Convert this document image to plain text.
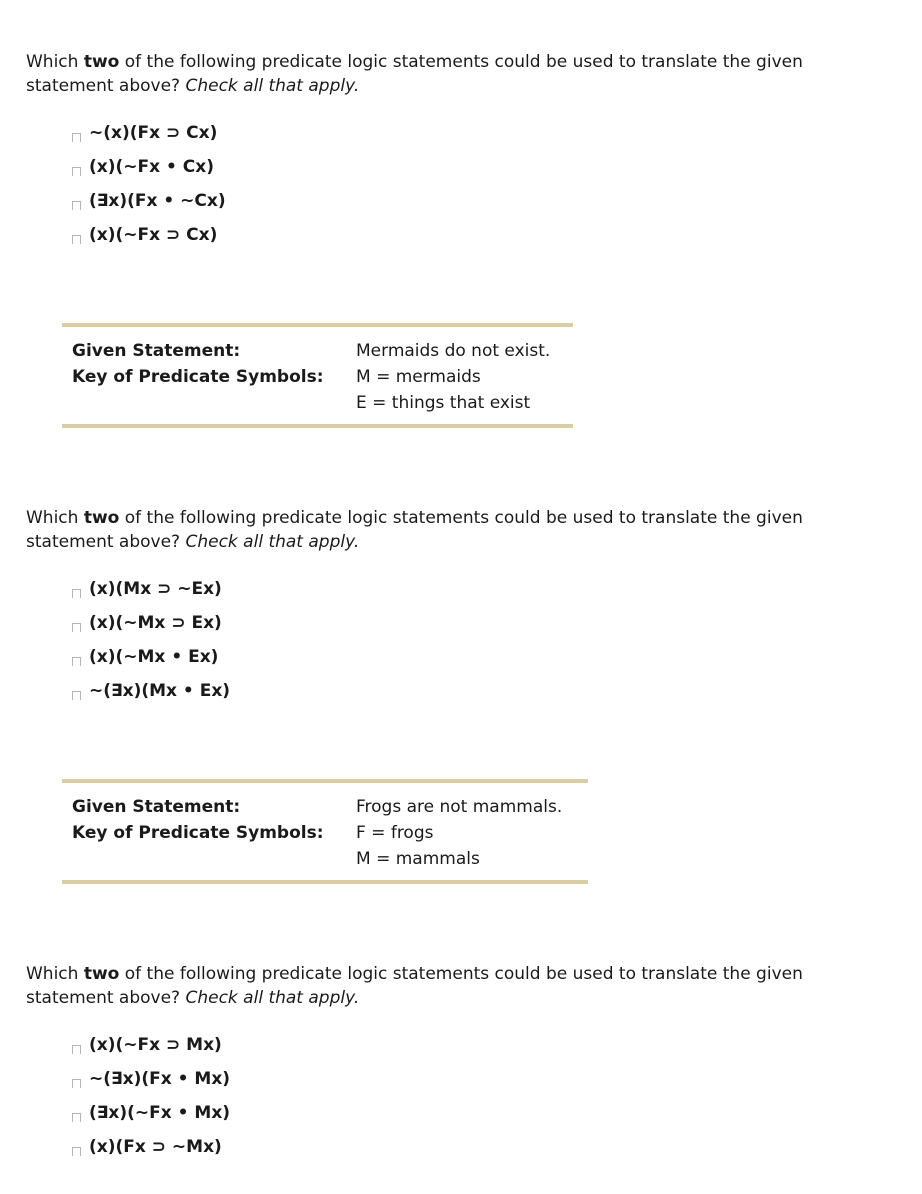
Which two of the following predicate logic statements could be used to translate the given statement above? Check all that apply.
~(x)(Fx ⊃ Cx)
(x)(~Fx • Cx)
(∃x)(Fx • ~Cx)
(x)(~Fx ⊃ Cx)
Given Statement:	Mermaids do not exist.
Key of Predicate Symbols: M = mermaids
E = things that exist
Which two of the following predicate logic statements could be used to translate the given statement above? Check all that apply.
(x)(Mx ⊃ ~Ex)
(x)(~Mx ⊃ Ex)
(x)(~Mx • Ex)
~(∃x)(Mx • Ex)
Given Statement:	Frogs are not mammals.
Key of Predicate Symbols: F = frogs
M = mammals
Which two of the following predicate logic statements could be used to translate the given statement above? Check all that apply.
(x)(~Fx ⊃ Mx)
~(∃x)(Fx • Mx)
(∃x)(~Fx • Mx)
(x)(Fx ⊃ ~Mx)
